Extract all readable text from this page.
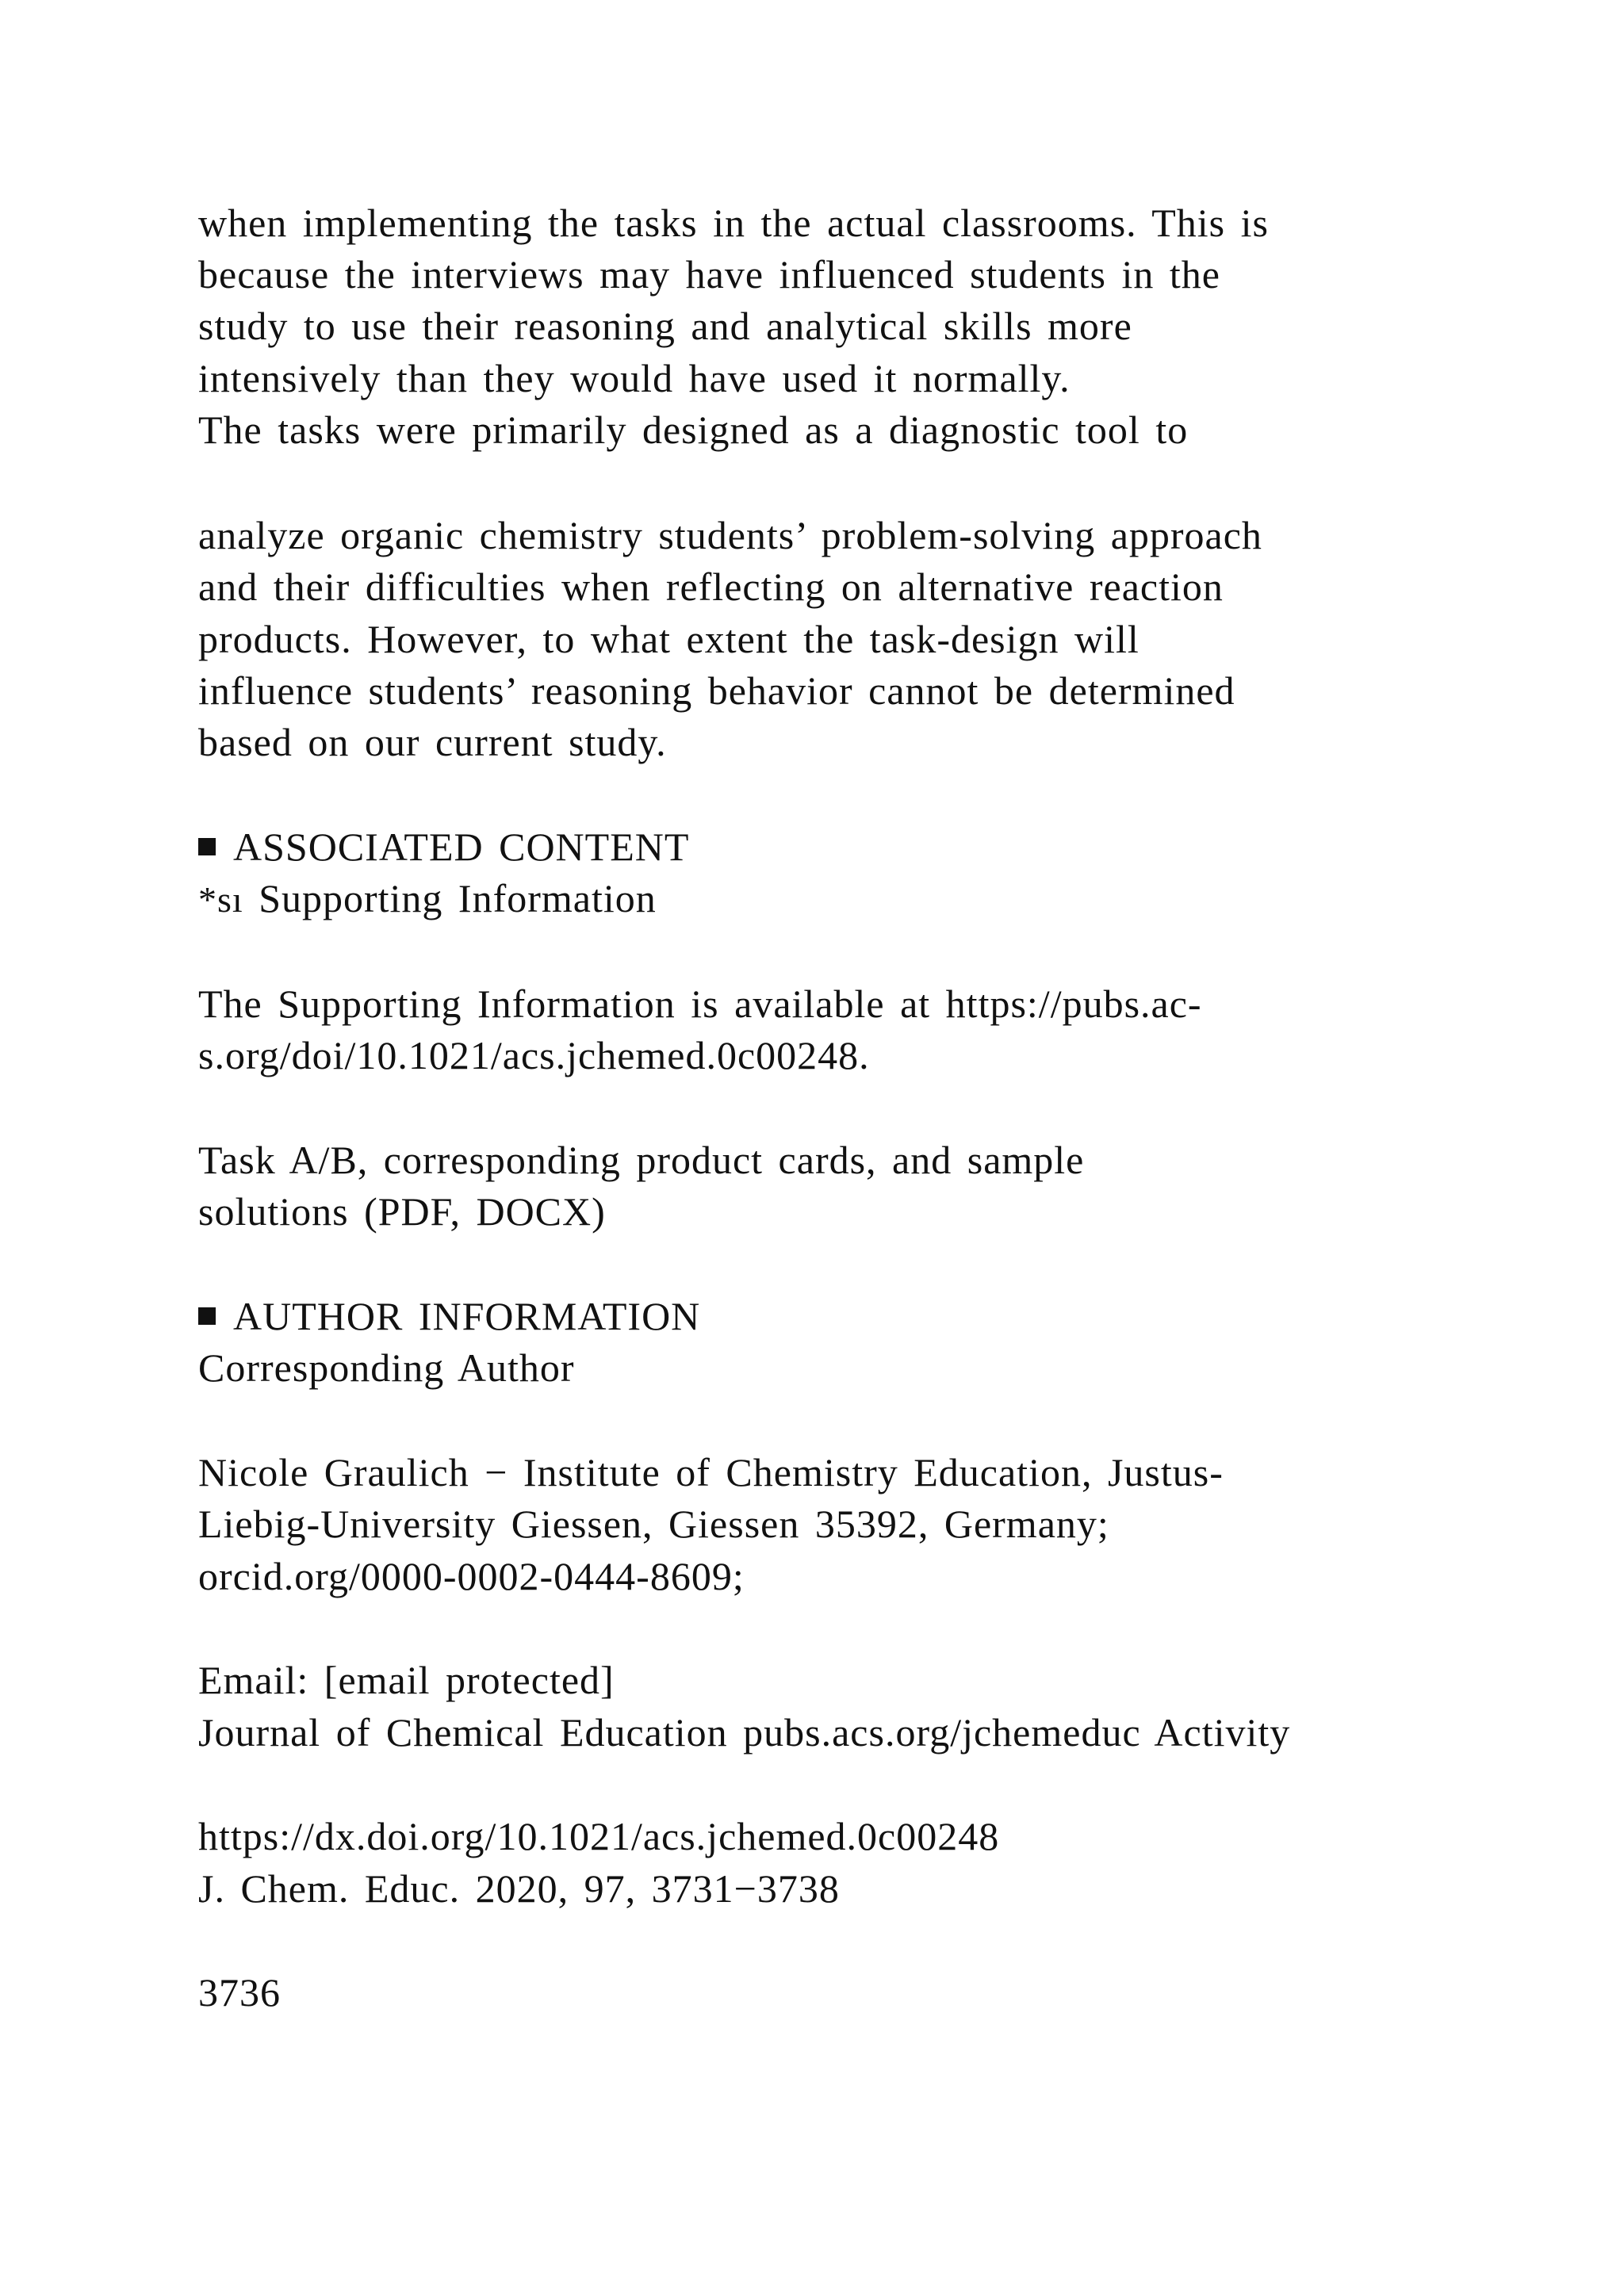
when implementing the tasks in the actual classrooms. This is
because the interviews may have influenced students in the
study to use their reasoning and analytical skills more
intensively than they would have used it normally.
The tasks were primarily designed as a diagnostic tool to
analyze organic chemistry students’ problem-solving approach
and their difficulties when reflecting on alternative reaction
products. However, to what extent the task-design will
influence students’ reasoning behavior cannot be determined
based on our current study.
ASSOCIATED CONTENT
*sı Supporting Information
The Supporting Information is available at https://pubs.ac-
s.org/doi/10.1021/acs.jchemed.0c00248.
Task A/B, corresponding product cards, and sample
solutions (PDF, DOCX)
AUTHOR INFORMATION
Corresponding Author
Nicole Graulich − Institute of Chemistry Education, Justus-
Liebig-University Giessen, Giessen 35392, Germany;
orcid.org/0000-0002-0444-8609;
Email: [email protected]
Journal of Chemical Education pubs.acs.org/jchemeduc Activity
https://dx.doi.org/10.1021/acs.jchemed.0c00248
J. Chem. Educ. 2020, 97, 3731−3738
3736
